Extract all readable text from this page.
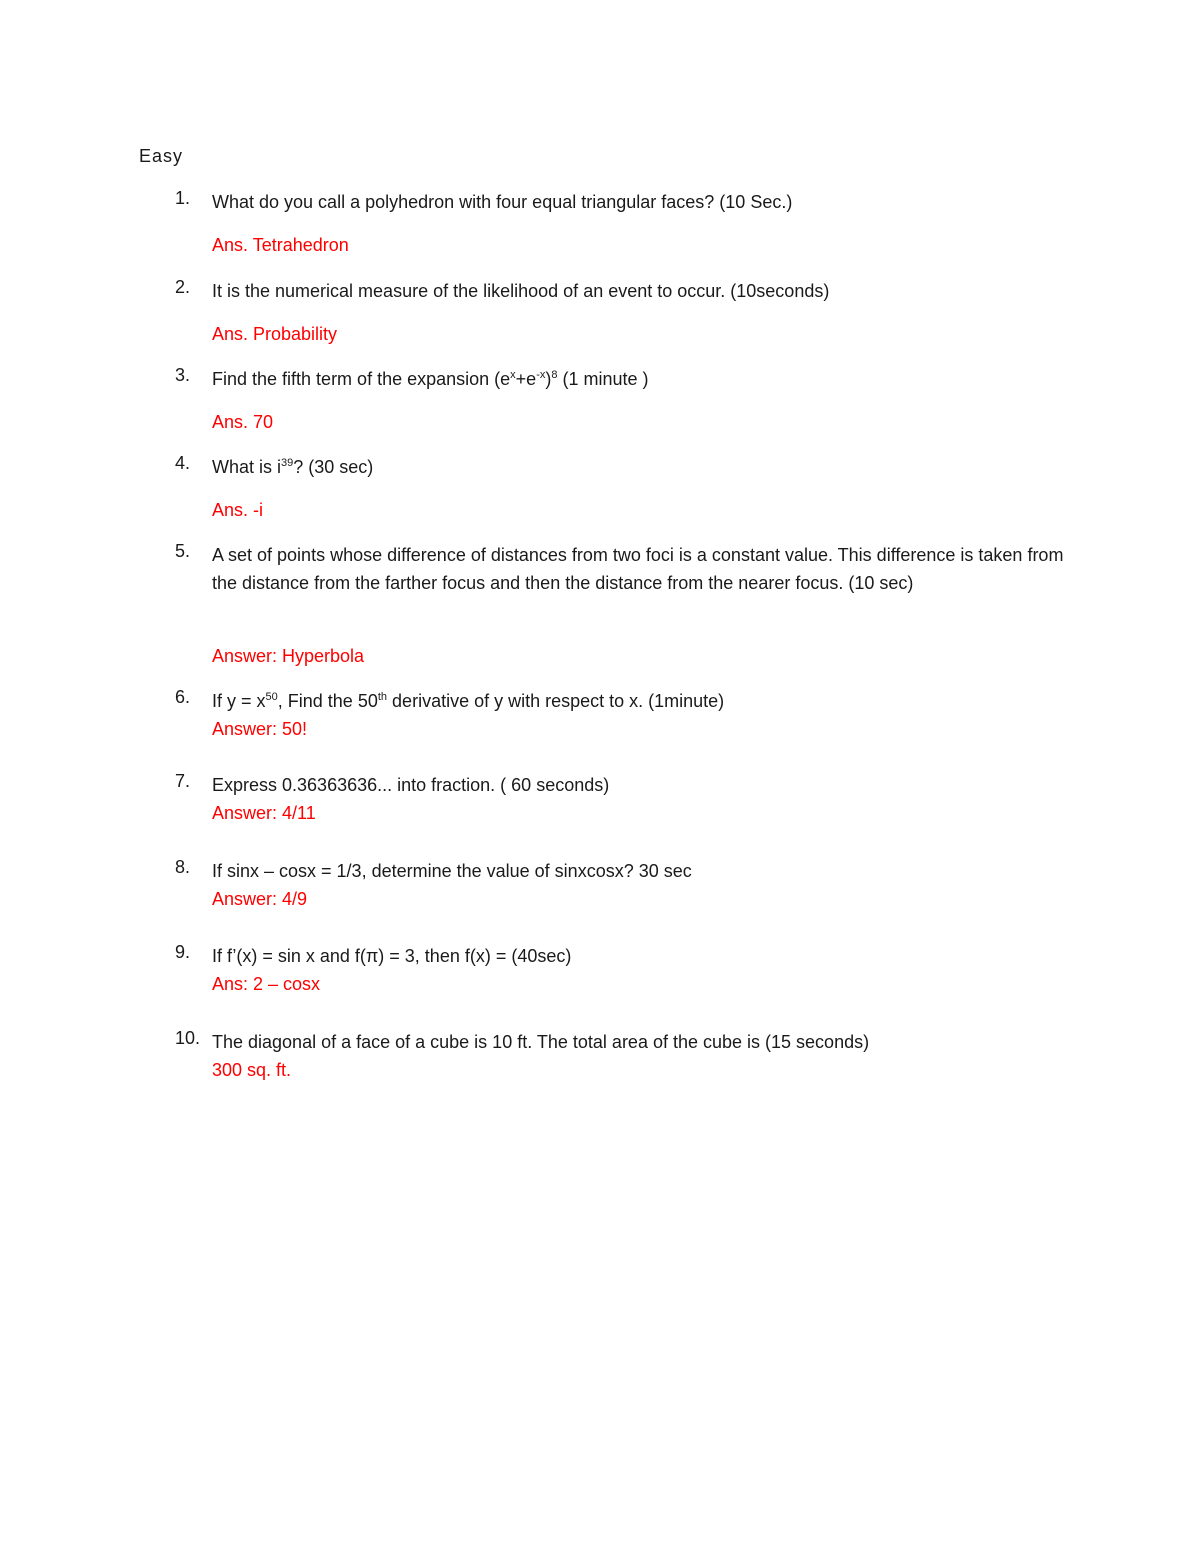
Easy
1.	What do you call a polyhedron with four equal triangular faces? (10 Sec.)
Ans. Tetrahedron
2.	It is the numerical measure of the likelihood of an event to occur. (10seconds)
Ans. Probability
3.	Find the fifth term of the expansion $(e^x+e^{-x})^8$ (1 minute )
Ans. 70
4.	What is $i^{39}$? (30 sec)
Ans. -i
5.	A set of points whose difference of distances from two foci is a constant value. This difference is taken from the distance from the farther focus and then the distance from the nearer focus. (10 sec)
Answer: Hyperbola
6.	If $y = x^{50}$, Find the 50th derivative of y with respect to x. (1minute)
Answer: 50!
7.	Express 0.36363636... into fraction. ( 60 seconds)
Answer: 4/11
8.	If sinx – cosx = 1/3, determine the value of sinxcosx? 30 sec
Answer: 4/9
9.	If f’(x) = sin x and f(π) = 3, then f(x) = (40sec)
Ans: 2 – cosx
10. The diagonal of a face of a cube is 10 ft. The total area of the cube is (15 seconds)
300 sq. ft.
